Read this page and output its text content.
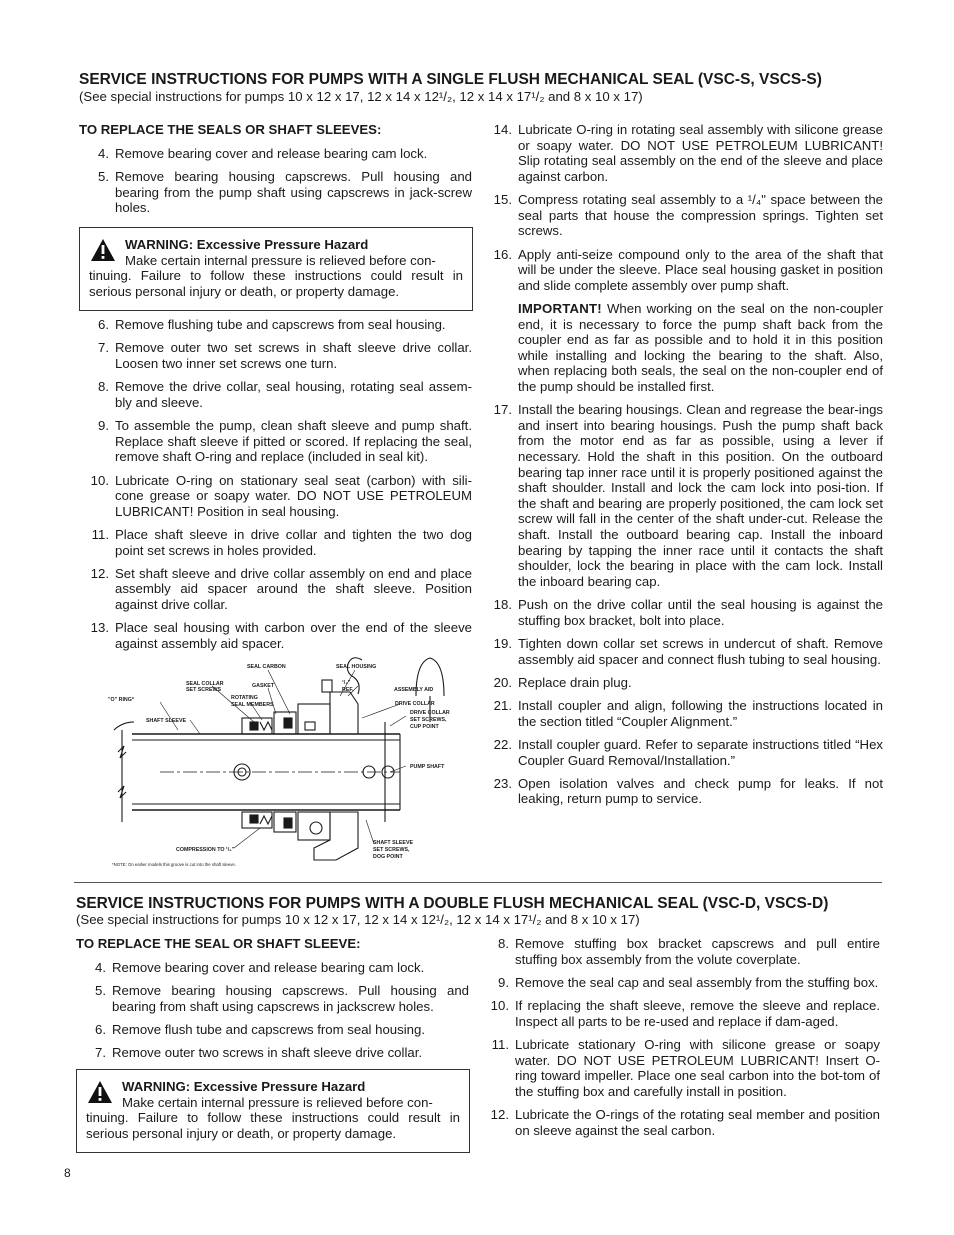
SERVICE INSTRUCTIONS FOR PUMPS WITH A SINGLE FLUSH MECHANICAL SEAL (VSC-S, VSCS-S)
(See special instructions for pumps 10 x 12 x 17, 12 x 14 x 12¹/₂, 12 x 14 x 17¹/₂ and 8 x 10 x 17)
TO REPLACE THE SEALS OR SHAFT SLEEVES:
4. Remove bearing cover and release bearing cam lock.
5. Remove bearing housing capscrews. Pull housing and bearing from the pump shaft using capscrews in jack-screw holes.
WARNING: Excessive Pressure Hazard
Make certain internal pressure is relieved before con-
tinuing. Failure to follow these instructions could result in serious personal injury or death, or property damage.
6. Remove flushing tube and capscrews from seal housing.
7. Remove outer two set screws in shaft sleeve drive collar. Loosen two inner set screws one turn.
8. Remove the drive collar, seal housing, rotating seal assem-bly and sleeve.
9. To assemble the pump, clean shaft sleeve and pump shaft. Replace shaft sleeve if pitted or scored. If replacing the seal, remove shaft O-ring and replace (included in seal kit).
10. Lubricate O-ring on stationary seal seat (carbon) with sili-cone grease or soapy water. DO NOT USE PETROLEUM LUBRICANT! Position in seal housing.
11. Place shaft sleeve in drive collar and tighten the two dog point set screws in holes provided.
12. Set shaft sleeve and drive collar assembly on end and place assembly aid spacer around the shaft sleeve. Position against drive collar.
13. Place seal housing with carbon over the end of the sleeve against assembly aid spacer.
SEAL CARBON	SEAL HOUSING
SEAL COLLAR
SET SCREWS
GASKET	¹/₄"
REF.	ASSEMBLY AID
"O" RING*	ROTATING
SEAL MEMBERS	DRIVE COLLAR
SHAFT SLEEVE
DRIVE COLLAR
SET SCREWS,
CUP POINT
PUMP SHAFT
COMPRESSION TO ¹/₄"
SHAFT SLEEVE
SET SCREWS,
DOG POINT
*NOTE: On earlier models this groove is cut into the shaft sleeve.
14. Lubricate O-ring in rotating seal assembly with silicone grease or soapy water. DO NOT USE PETROLEUM LUBRICANT! Slip rotating seal assembly on the end of the sleeve and place against carbon.
15. Compress rotating seal assembly to a ¹/₄" space between the seal parts that house the compression springs. Tighten set screws.
16. Apply anti-seize compound only to the area of the shaft that will be under the sleeve. Place seal housing gasket in position and slide complete assembly over pump shaft.

IMPORTANT! When working on the seal on the non-coupler end, it is necessary to force the pump shaft back from the coupler end as far as possible and to hold it in this position while installing and locking the bearing to the shaft. Also, when replacing both seals, the seal on the non-coupler end of the pump should be installed first.

17. Install the bearing housings. Clean and regrease the bear-ings and insert into bearing housings. Push the pump shaft back from the motor end as far as possible, using a lever if necessary. Hold the shaft in this position. On the outboard bearing tap inner race until it is properly positioned against the shaft shoulder. Install and lock the cam lock into posi-tion. If the shaft and bearing are properly positioned, the cam lock set screw will fall in the center of the shaft under-cut. Release the shaft. Install the outboard bearing cap. Install the inboard bearing by tapping the inner race until it contacts the shaft shoulder, lock the bearing in place with the cam lock. Install the inboard bearing cap.
18. Push on the drive collar until the seal housing is against the stuffing box bracket, bolt into place.
19. Tighten down collar set screws in undercut of shaft. Remove assembly aid spacer and connect flush tubing to seal housing.
20. Replace drain plug.
21. Install coupler and align, following the instructions located in the section titled “Coupler Alignment.”
22. Install coupler guard. Refer to separate instructions titled “Hex Coupler Guard Removal/Installation.”
23. Open isolation valves and check pump for leaks. If not leaking, return pump to service.
SERVICE INSTRUCTIONS FOR PUMPS WITH A DOUBLE FLUSH MECHANICAL SEAL (VSC-D, VSCS-D)
(See special instructions for pumps 10 x 12 x 17, 12 x 14 x 12¹/₂, 12 x 14 x 17¹/₂ and 8 x 10 x 17)
TO REPLACE THE SEAL OR SHAFT SLEEVE:
4. Remove bearing cover and release bearing cam lock.
5. Remove bearing housing capscrews. Pull housing and bearing from shaft using capscrews in jackscrew holes.
6. Remove flush tube and capscrews from seal housing.
7. Remove outer two screws in shaft sleeve drive collar.
WARNING: Excessive Pressure Hazard
Make certain internal pressure is relieved before con-
tinuing. Failure to follow these instructions could result in serious personal injury or death, or property damage.
8. Remove stuffing box bracket capscrews and pull entire stuffing box assembly from the volute coverplate.
9. Remove the seal cap and seal assembly from the stuffing box.
10. If replacing the shaft sleeve, remove the sleeve and replace. Inspect all parts to be re-used and replace if dam-aged.
11. Lubricate stationary O-ring with silicone grease or soapy water. DO NOT USE PETROLEUM LUBRICANT! Insert O-ring toward impeller. Place one seal carbon into the bot-tom of the stuffing box and carefully install in position.
12. Lubricate the O-rings of the rotating seal member and position on sleeve against the seal carbon.
8
